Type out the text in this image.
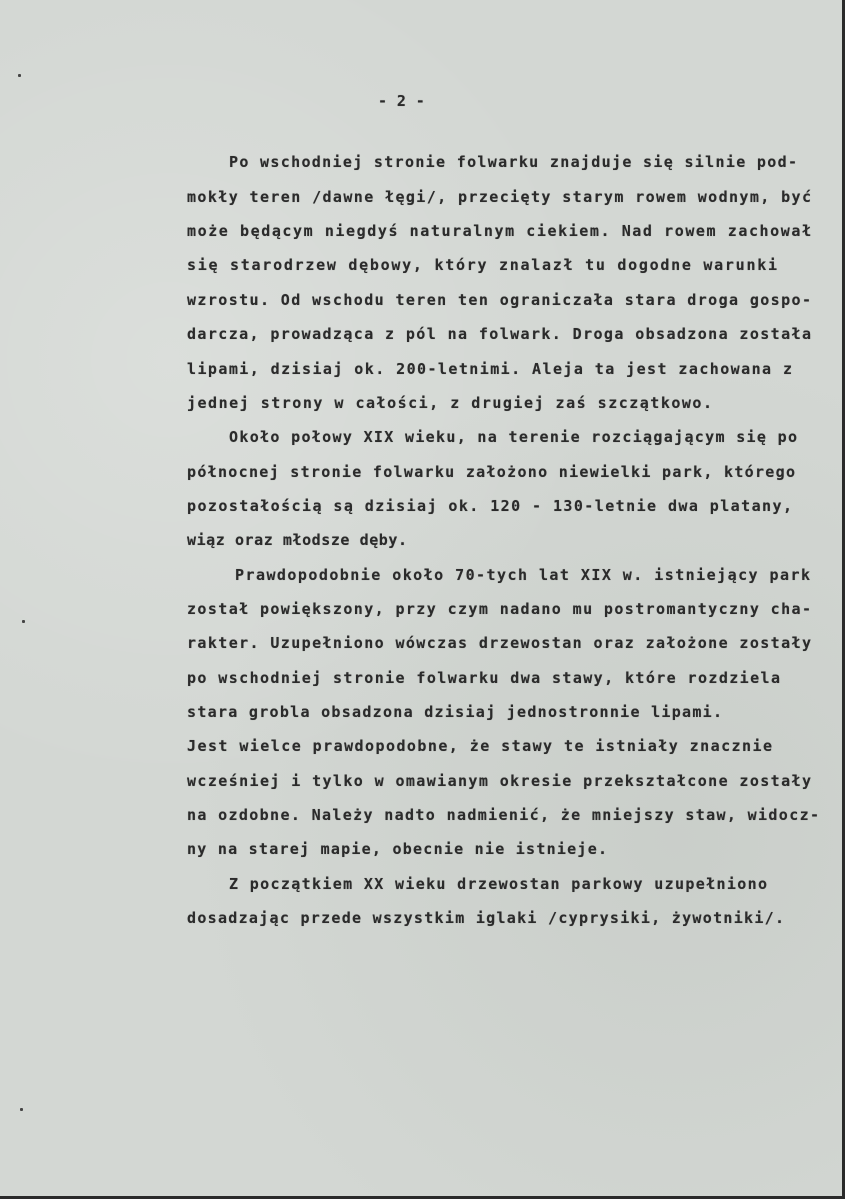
- 2 -
Po wschodniej stronie folwarku znajduje się silnie pod-
mokły teren /dawne łęgi/, przecięty starym rowem wodnym, być
może będącym niegdyś naturalnym ciekiem. Nad rowem zachował
się starodrzew dębowy, który znalazł tu dogodne warunki
wzrostu. Od wschodu teren ten ograniczała stara droga gospo-
darcza, prowadząca z pól na folwark. Droga obsadzona została
lipami, dzisiaj ok. 200-letnimi. Aleja ta jest zachowana z
jednej strony w całości, z drugiej zaś szczątkowo.
Około połowy XIX wieku, na terenie rozciągającym się po
północnej stronie folwarku założono niewielki park, którego
pozostałością są dzisiaj ok. 120 - 130-letnie dwa platany,
wiąz oraz młodsze dęby.
Prawdopodobnie około 70-tych lat XIX w. istniejący park
został powiększony, przy czym nadano mu postromantyczny cha-
rakter. Uzupełniono wówczas drzewostan oraz założone zostały
po wschodniej stronie folwarku dwa stawy, które rozdziela
stara grobla obsadzona dzisiaj jednostronnie lipami.
Jest wielce prawdopodobne, że stawy te istniały znacznie
wcześniej i tylko w omawianym okresie przekształcone zostały
na ozdobne. Należy nadto nadmienić, że mniejszy staw, widocz-
ny na starej mapie, obecnie nie istnieje.
Z początkiem XX wieku drzewostan parkowy uzupełniono
dosadzając przede wszystkim iglaki /cyprysiki, żywotniki/.
